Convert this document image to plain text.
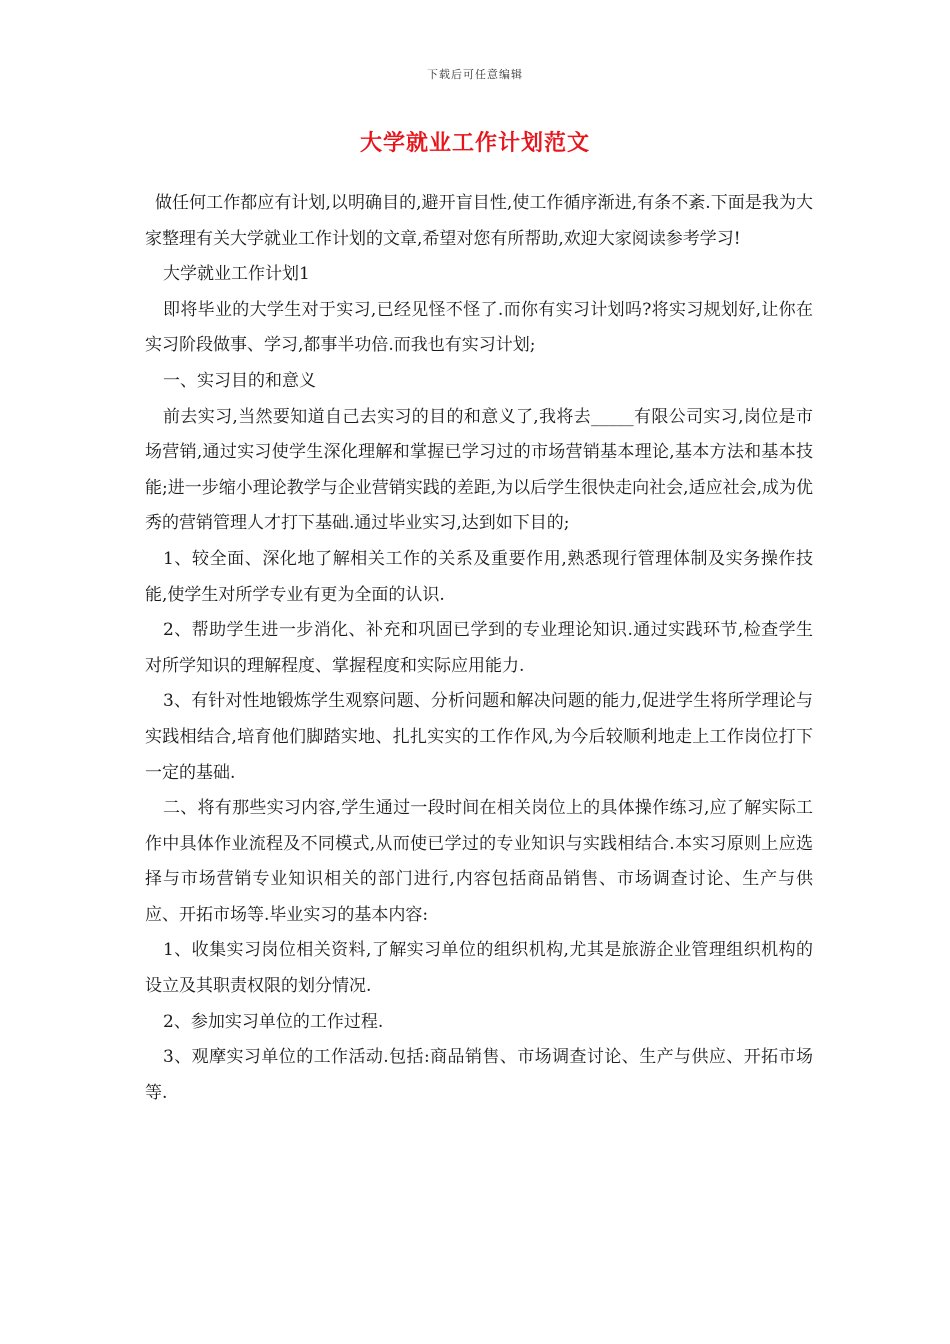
下载后可任意编辑
大学就业工作计划范文

做任何工作都应有计划,以明确目的,避开盲目性,使工作循序渐进,有条不紊.下面是我为大家整理有关大学就业工作计划的文章,希望对您有所帮助,欢迎大家阅读参考学习!

大学就业工作计划1

即将毕业的大学生对于实习,已经见怪不怪了.而你有实习计划吗?将实习规划好,让你在实习阶段做事、学习,都事半功倍.而我也有实习计划;

一、实习目的和意义

前去实习,当然要知道自己去实习的目的和意义了,我将去_____有限公司实习,岗位是市场营销,通过实习使学生深化理解和掌握已学习过的市场营销基本理论,基本方法和基本技能;进一步缩小理论教学与企业营销实践的差距,为以后学生很快走向社会,适应社会,成为优秀的营销管理人才打下基础.通过毕业实习,达到如下目的;

1、较全面、深化地了解相关工作的关系及重要作用,熟悉现行管理体制及实务操作技能,使学生对所学专业有更为全面的认识.

2、帮助学生进一步消化、补充和巩固已学到的专业理论知识.通过实践环节,检查学生对所学知识的理解程度、掌握程度和实际应用能力.

3、有针对性地锻炼学生观察问题、分析问题和解决问题的能力,促进学生将所学理论与实践相结合,培育他们脚踏实地、扎扎实实的工作作风,为今后较顺利地走上工作岗位打下一定的基础.

二、将有那些实习内容,学生通过一段时间在相关岗位上的具体操作练习,应了解实际工作中具体作业流程及不同模式,从而使已学过的专业知识与实践相结合.本实习原则上应选择与市场营销专业知识相关的部门进行,内容包括商品销售、市场调查讨论、生产与供应、开拓市场等.毕业实习的基本内容:

1、收集实习岗位相关资料,了解实习单位的组织机构,尤其是旅游企业管理组织机构的设立及其职责权限的划分情况.

2、参加实习单位的工作过程.

3、观摩实习单位的工作活动.包括:商品销售、市场调查讨论、生产与供应、开拓市场等.
